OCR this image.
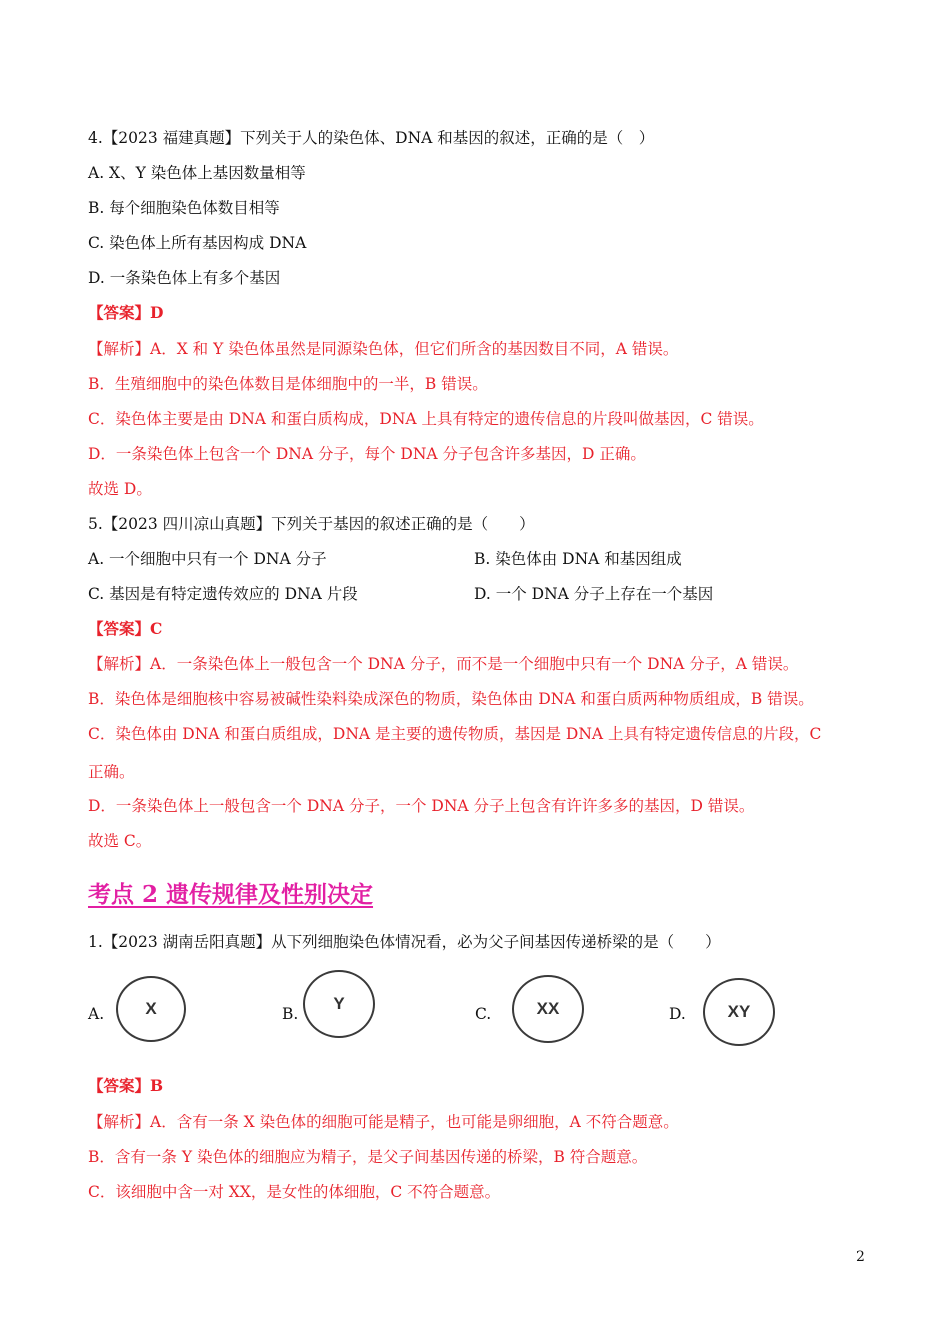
4.【2023 福建真题】下列关于人的染色体、DNA 和基因的叙述，正确的是（　）
A. X、Y 染色体上基因数量相等
B. 每个细胞染色体数目相等
C. 染色体上所有基因构成 DNA
D. 一条染色体上有多个基因
【答案】D
【解析】A．X 和 Y 染色体虽然是同源染色体，但它们所含的基因数目不同，A 错误。
B．生殖细胞中的染色体数目是体细胞中的一半，B 错误。
C．染色体主要是由 DNA 和蛋白质构成，DNA 上具有特定的遗传信息的片段叫做基因，C 错误。
D．一条染色体上包含一个 DNA 分子，每个 DNA 分子包含许多基因，D 正确。
故选 D。
5.【2023 四川凉山真题】下列关于基因的叙述正确的是（　　）
A. 一个细胞中只有一个 DNA 分子	B. 染色体由 DNA 和基因组成
C. 基因是有特定遗传效应的 DNA 片段	D. 一个 DNA 分子上存在一个基因
【答案】C
【解析】A．一条染色体上一般包含一个 DNA 分子，而不是一个细胞中只有一个 DNA 分子，A 错误。
B．染色体是细胞核中容易被碱性染料染成深色的物质，染色体由 DNA 和蛋白质两种物质组成，B 错误。
C．染色体由 DNA 和蛋白质组成，DNA 是主要的遗传物质，基因是 DNA 上具有特定遗传信息的片段，C
正确。
D．一条染色体上一般包含一个 DNA 分子，一个 DNA 分子上包含有许许多多的基因，D 错误。
故选 C。
考点 2 遗传规律及性别决定
1.【2023 湖南岳阳真题】从下列细胞染色体情况看，必为父子间基因传递桥梁的是（　　）
A. X	B.
Y
C.	XX	D. XY
【答案】B
【解析】A．含有一条 X 染色体的细胞可能是精子，也可能是卵细胞，A 不符合题意。
B．含有一条 Y 染色体的细胞应为精子，是父子间基因传递的桥梁，B 符合题意。
C．该细胞中含一对 XX，是女性的体细胞，C 不符合题意。
2
